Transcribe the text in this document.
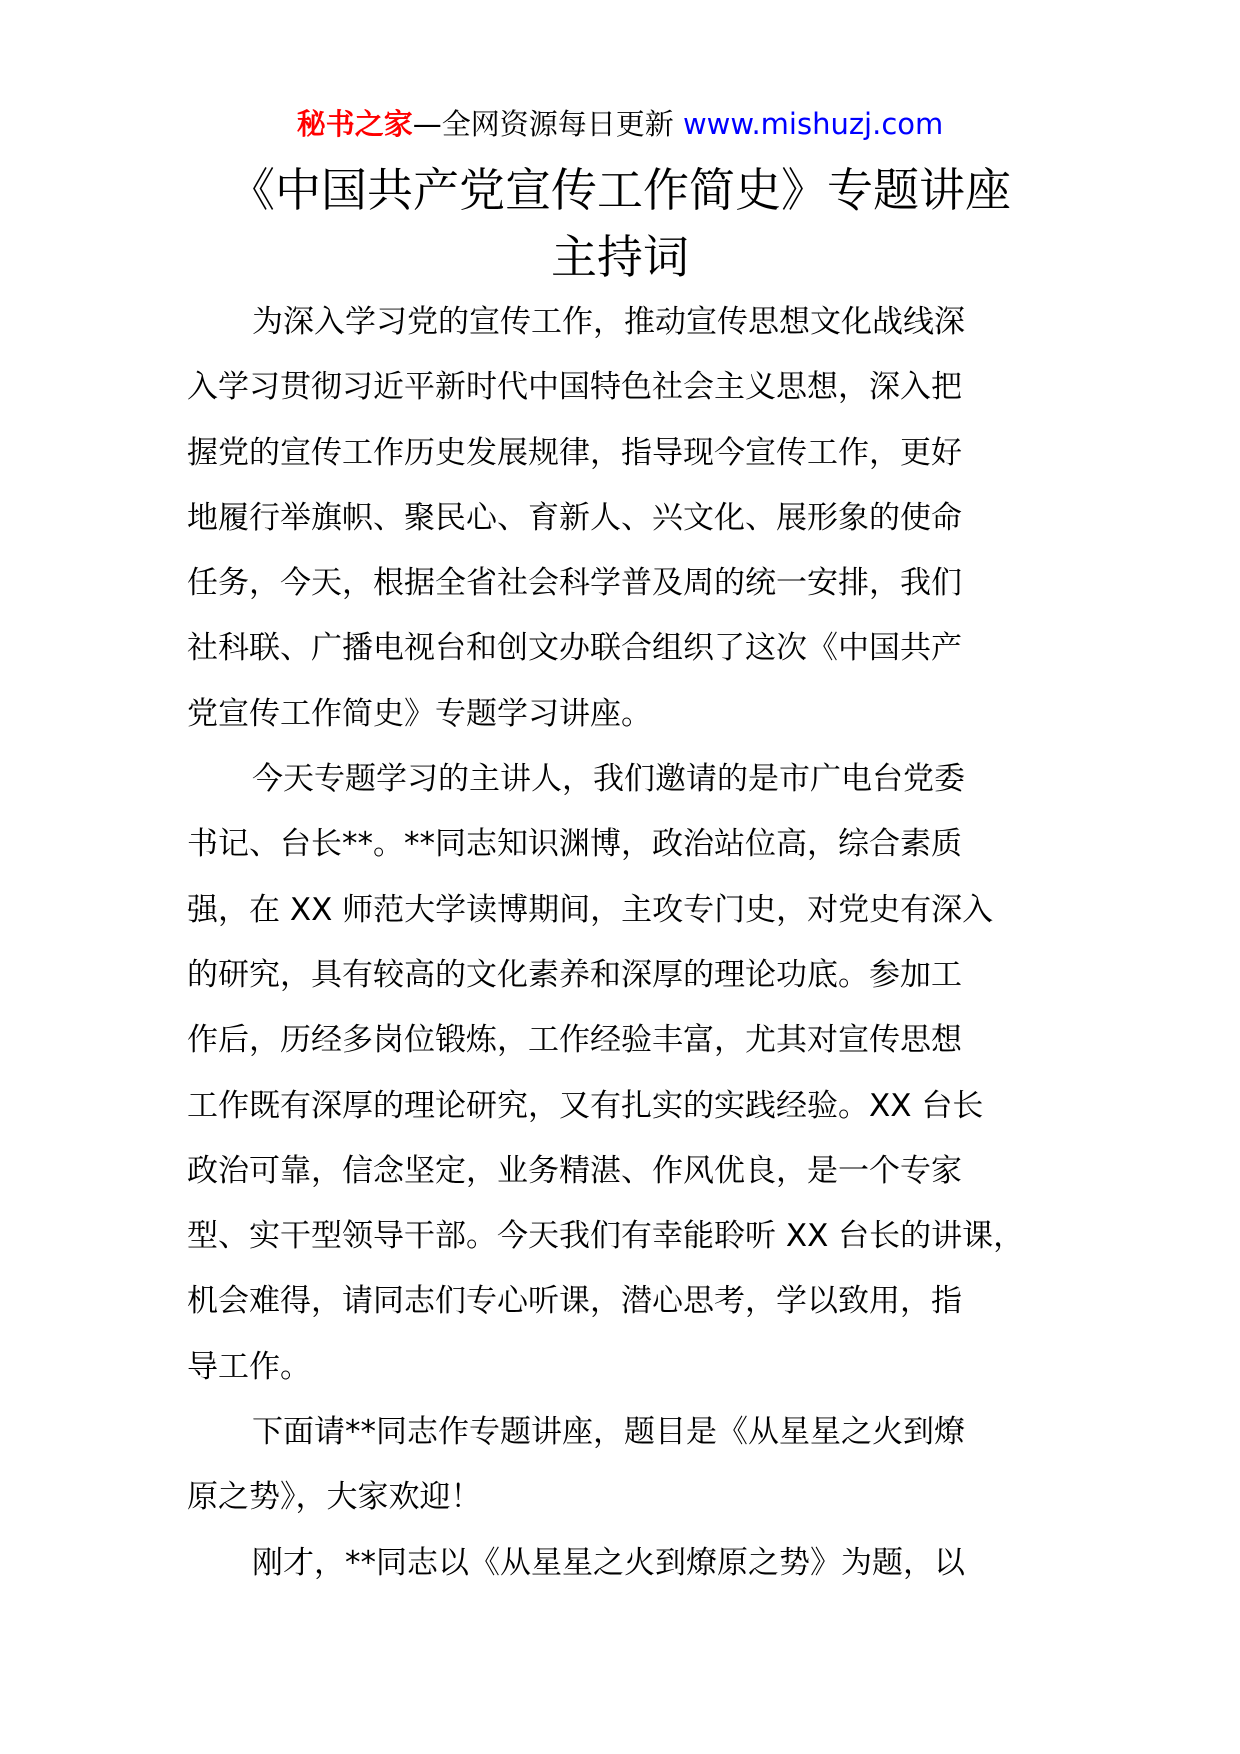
秘书之家—全网资源每日更新 www.mishuzj.com
《中国共产党宣传工作简史》专题讲座
主持词
为深入学习党的宣传工作，推动宣传思想文化战线深
入学习贯彻习近平新时代中国特色社会主义思想，深入把
握党的宣传工作历史发展规律，指导现今宣传工作，更好
地履行举旗帜、聚民心、育新人、兴文化、展形象的使命
任务，今天，根据全省社会科学普及周的统一安排，我们
社科联、广播电视台和创文办联合组织了这次《中国共产
党宣传工作简史》专题学习讲座。
今天专题学习的主讲人，我们邀请的是市广电台党委
书记、台长**。**同志知识渊博，政治站位高，综合素质
强，在 XX 师范大学读博期间，主攻专门史，对党史有深入
的研究，具有较高的文化素养和深厚的理论功底。参加工
作后，历经多岗位锻炼，工作经验丰富，尤其对宣传思想
工作既有深厚的理论研究，又有扎实的实践经验。XX 台长
政治可靠，信念坚定，业务精湛、作风优良，是一个专家
型、实干型领导干部。今天我们有幸能聆听 XX 台长的讲课，
机会难得，请同志们专心听课，潜心思考，学以致用，指
导工作。
下面请**同志作专题讲座，题目是《从星星之火到燎
原之势》，大家欢迎！
刚才，**同志以《从星星之火到燎原之势》为题，以
